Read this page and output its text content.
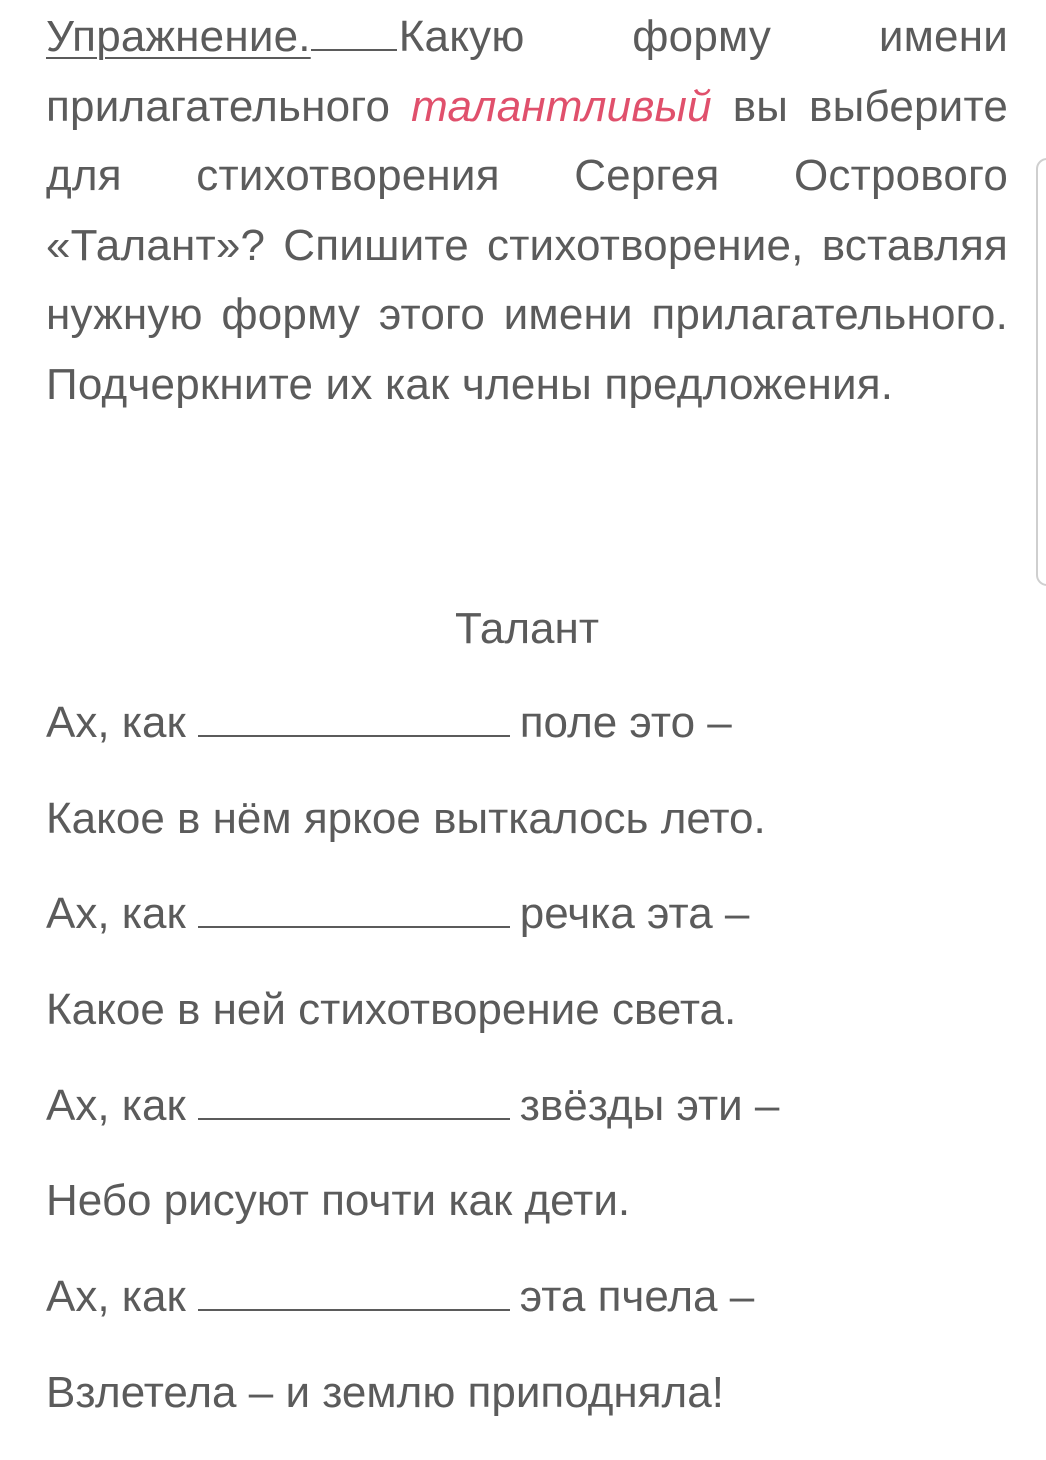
Упражнение. Какую форму имени прилагательного талантливый вы выберите для стихотворения Сергея Острового «Талант»? Спишите стихотворение, вставляя нужную форму этого имени прилагательного. Подчеркните их как члены предложения.

Талант
Ах, как	поле это –
Какое в нём яркое выткалось лето.
Ах, как	речка эта –
Какое в ней стихотворение света.
Ах, как	звёзды эти –
Небо рисуют почти как дети.
Ах, как	эта пчела –
Взлетела – и землю приподняла!
